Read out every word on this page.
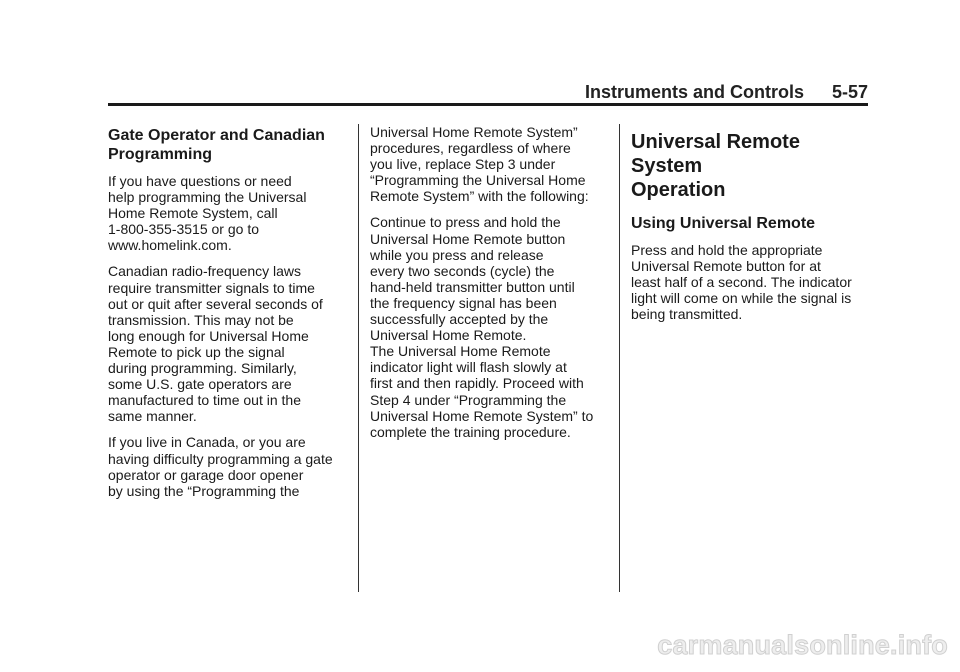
Instruments and Controls 5-57
Gate Operator and Canadian
Programming

If you have questions or need
help programming the Universal
Home Remote System, call
1-800-355-3515 or go to
www.homelink.com.

Canadian radio-frequency laws
require transmitter signals to time
out or quit after several seconds of
transmission. This may not be
long enough for Universal Home
Remote to pick up the signal
during programming. Similarly,
some U.S. gate operators are
manufactured to time out in the
same manner.

If you live in Canada, or you are
having difficulty programming a gate
operator or garage door opener
by using the “Programming the

Universal Home Remote System”
procedures, regardless of where
you live, replace Step 3 under
“Programming the Universal Home
Remote System” with the following:

Continue to press and hold the
Universal Home Remote button
while you press and release
every two seconds (cycle) the
hand-held transmitter button until
the frequency signal has been
successfully accepted by the
Universal Home Remote.

The Universal Home Remote
indicator light will flash slowly at
first and then rapidly. Proceed with
Step 4 under “Programming the
Universal Home Remote System” to
complete the training procedure.

Universal Remote System
Operation
Using Universal Remote

Press and hold the appropriate
Universal Remote button for at
least half of a second. The indicator
light will come on while the signal is
being transmitted.

carmanualsonline.info
